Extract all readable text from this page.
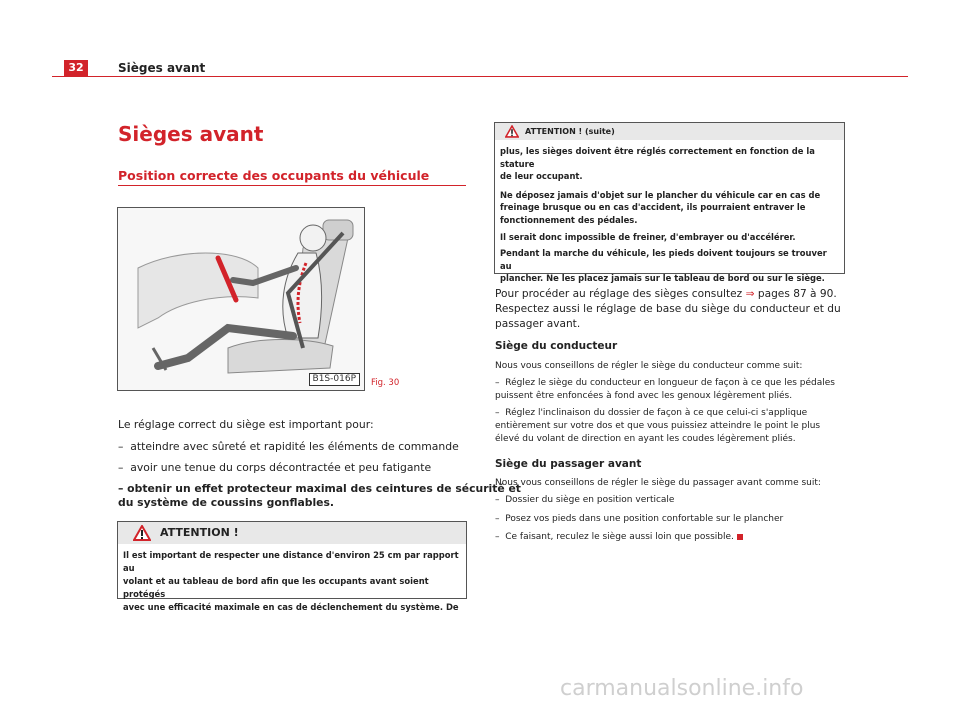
32	Sièges avant
Sièges avant
Position correcte des occupants du véhicule
B1S-016P	Fig. 30
Le réglage correct du siège est important pour:
– atteindre avec sûreté et rapidité les éléments de commande
– avoir une tenue du corps décontractée et peu fatigante
– obtenir un effet protecteur maximal des ceintures de sécurité et
du système de coussins gonflables.
ATTENTION !
Il est important de respecter une distance d'environ 25 cm par rapport au
volant et au tableau de bord afin que les occupants avant soient protégés
avec une efficacité maximale en cas de déclenchement du système. De
ATTENTION ! (suite)
plus, les sièges doivent être réglés correctement en fonction de la stature
de leur occupant.
Ne déposez jamais d'objet sur le plancher du véhicule car en cas de
freinage brusque ou en cas d'accident, ils pourraient entraver le
fonctionnement des pédales.
Il serait donc impossible de freiner, d'embrayer ou d'accélérer.
Pendant la marche du véhicule, les pieds doivent toujours se trouver au
plancher. Ne les placez jamais sur le tableau de bord ou sur le siège.
Pour procéder au réglage des sièges consultez ⇒ pages 87 à 90.
Respectez aussi le réglage de base du siège du conducteur et du
passager avant.
Siège du conducteur
Nous vous conseillons de régler le siège du conducteur comme suit:
– Réglez le siège du conducteur en longueur de façon à ce que les pédales
puissent être enfoncées à fond avec les genoux légèrement pliés.
– Réglez l'inclinaison du dossier de façon à ce que celui-ci s'applique
entièrement sur votre dos et que vous puissiez atteindre le point le plus
élevé du volant de direction en ayant les coudes légèrement pliés.
Siège du passager avant
Nous vous conseillons de régler le siège du passager avant comme suit:
– Dossier du siège en position verticale
– Posez vos pieds dans une position confortable sur le plancher
– Ce faisant, reculez le siège aussi loin que possible.
carmanualsonline.info
